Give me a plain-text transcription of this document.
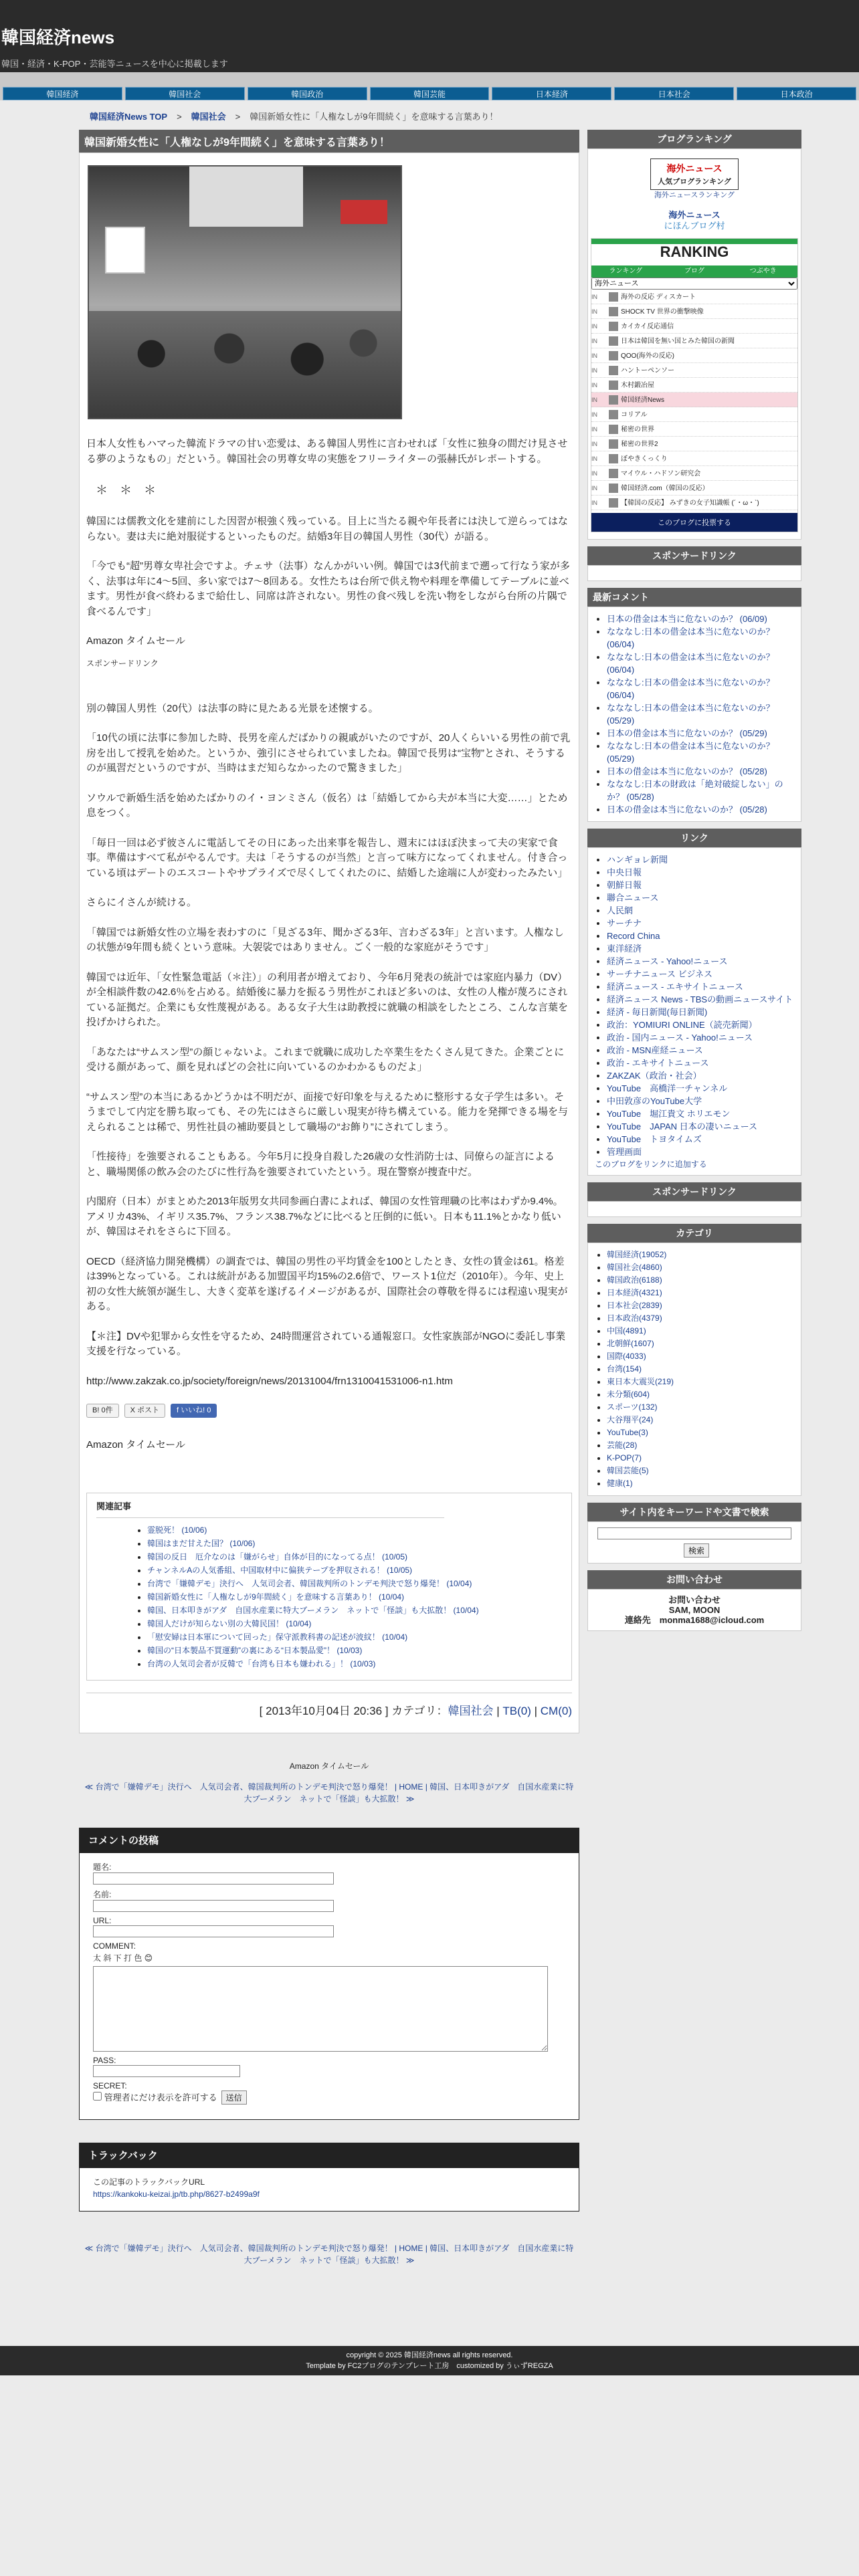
韓国経済news

韓国・経済・K-POP・芸能等ニュースを中心に掲載します

韓国経済	韓国社会	韓国政治	韓国芸能	日本経済	日本社会	日本政治
韓国経済News TOP > 韓国社会 > 韓国新婚女性に「人権なしが9年間続く」を意味する言葉あり！
韓国新婚女性に「人権なしが9年間続く」を意味する言葉あり！

日本人女性もハマった韓流ドラマの甘い恋愛は、ある韓国人男性に言わせれば「女性に独身の間だけ見させる夢のようなもの」だという。韓国社会の男尊女卑の実態をフリーライターの張赫氏がレポートする。

＊＊＊

韓国には儒教文化を建前にした因習が根強く残っている。目上に当たる親や年長者には決して逆らってはならない。妻は夫に絶対服従するといったものだ。結婚3年目の韓国人男性（30代）が語る。

「今でも“超”男尊女卑社会ですよ。チェサ（法事）なんかがいい例。韓国では3代前まで遡って行なう家が多く、法事は年に4～5回、多い家では7～8回ある。女性たちは台所で供え物や料理を準備してテーブルに並べます。男性が食べ終わるまで給仕し、同席は許されない。男性の食べ残しを洗い物をしながら台所の片隅で食べるんです」

Amazon タイムセール

スポンサードリンク

別の韓国人男性（20代）は法事の時に見たある光景を述懐する。

「10代の頃に法事に参加した時、長男を産んだばかりの親戚がいたのですが、20人くらいいる男性の前で乳房を出して授乳を始めた。というか、強引にさせられていましたね。韓国で長男は“宝物”とされ、そうするのが風習だというのですが、当時はまだ知らなかったので驚きました」

ソウルで新婚生活を始めたばかりのイ・ヨンミさん（仮名）は「結婚してから夫が本当に大変……」とため息をつく。

「毎日一回は必ず彼さんに電話してその日にあった出来事を報告し、週末にはほぼ決まって夫の実家で食事。準備はすべて私がやるんです。夫は「そうするのが当然」と言って味方になってくれません。付き合っている頃はデートのエスコートやサプライズで尽くしてくれたのに、結婚した途端に人が変わったみたい」

さらにイさんが続ける。

「韓国では新婚女性の立場を表わすのに「見ざる3年、聞かざる3年、言わざる3年」と言います。人権なしの状態が9年間も続くという意味。大袈裟ではありません。ごく一般的な家庭がそうです」

韓国では近年、「女性緊急電話（＊注）」の利用者が増えており、今年6月発表の統計では家庭内暴力（DV）が全相談件数の42.6％を占める。結婚後に暴力を振るう男性がこれほど多いのは、女性の人権が蔑ろにされている証拠だ。企業にも女性蔑視がある。ある女子大生は助教授に就職の相談をしたところ、こんな言葉を投げかけられた。

「あなたは“サムスン型”の顔じゃないよ。これまで就職に成功した卒業生をたくさん見てきた。企業ごとに受ける顔があって、顔を見ればどの会社に向いているのかわかるものだよ」

“サムスン型”の本当にあるかどうかは不明だが、面接で好印象を与えるために整形する女子学生は多い。そうまでして内定を勝ち取っても、その先にはさらに厳しい現実が待ち構えている。能力を発揮できる場を与えられることは稀で、男性社員の補助要員として職場の“お飾り”にされてしまう。

「性接待」を強要されることもある。今年5月に投身自殺した26歳の女性消防士は、同僚らの証言によると、職場関係の飲み会のたびに性行為を強要されていたという。現在警察が捜査中だ。

内閣府（日本）がまとめた2013年版男女共同参画白書によれば、韓国の女性管理職の比率はわずか9.4%。アメリカ43%、イギリス35.7%、フランス38.7%などに比べると圧倒的に低い。日本も11.1%とかなり低いが、韓国はそれをさらに下回る。

OECD（経済協力開発機構）の調査では、韓国の男性の平均賃金を100としたとき、女性の賃金は61。格差は39%となっている。これは統計がある加盟国平均15%の2.6倍で、ワースト1位だ（2010年）。今年、史上初の女性大統領が誕生し、大きく変革を遂げるイメージがあるが、国際社会の尊敬を得るには程遠い現実がある。

【＊注】DVや犯罪から女性を守るため、24時間運営されている通報窓口。女性家族部がNGOに委託し事業支援を行なっている。

http://www.zakzak.co.jp/society/foreign/news/20131004/frn1310041531006-n1.htm

B! 0件	X ポスト	f いいね! 0

Amazon タイムセール

関連記事
• 霊脱死！ (10/06)
• 韓国はまだ甘えた国？ (10/06)
• 韓国の反日　厄介なのは「嫌がらせ」自体が目的になってる点！ (10/05)
• チャンネルAの人気番組、中国取材中に偏狭テープを押収される！ (10/05)
• 台湾で「嫌韓デモ」決行へ　人気司会者、韓国裁判所のトンデモ判決で怒り爆発！ (10/04)
• 韓国新婚女性に「人権なしが9年間続く」を意味する言葉あり！ (10/04)
• 韓国、日本叩きがアダ　自国水産業に特大ブーメラン　ネットで「怪談」も大拡散！ (10/04)
• 韓国人だけが知らない別の大韓民国！ (10/04)
• 「慰安婦は日本軍について回った」保守派教科書の記述が波紋！ (10/04)
• 韓国の“日本製品不買運動”の裏にある“日本製品愛”！ (10/03)
• 台湾の人気司会者が反韓で「台湾も日本も嫌われる」！ (10/03)
[ 2013年10月04日 20:36 ] カテゴリ：韓国社会 | TB(0) | CM(0)
Amazon タイムセール
≪ 台湾で「嫌韓デモ」決行へ　人気司会者、韓国裁判所のトンデモ判決で怒り爆発！ | HOME | 韓国、日本叩きがアダ　自国水産業に特大ブーメラン　ネットで「怪談」も大拡散！ ≫
コメントの投稿
題名:
名前:
URL:
COMMENT:
太 斜 下 打 色 😊
PASS:
SECRET:
管理者にだけ表示を許可する 送信
トラックバック
この記事のトラックバックURL
https://kankoku-keizai.jp/tb.php/8627-b2499a9f
≪ 台湾で「嫌韓デモ」決行へ　人気司会者、韓国裁判所のトンデモ判決で怒り爆発！ | HOME | 韓国、日本叩きがアダ　自国水産業に特大ブーメラン　ネットで「怪談」も大拡散！ ≫
ブログランキング
海外ニュース
人気ブログランキング
海外ニュースランキング
海外ニュース
にほんブログ村
RANKING
ランキング	ブログ	つぶやき
海外ニュース
IN	海外の反応 ディスカート
IN	SHOCK TV 世界の衝撃映像
IN	カイカイ反応通信
IN	日本は韓国を無い国とみた韓国の新聞
IN	QOO(海外の反応)
IN	ハントーペンソー
IN	木村鍛冶屋
IN	韓国経済News
IN	コリアル
IN	秘密の世界
IN	秘密の世界2
IN	ぼやきくっくり
IN	マイウル・ハドソン研究会
IN	韓国経済.com（韓国の反応）
IN	【韓国の反応】 みずきの女子知識帳 (´・ω・`)
このブログに投票する
スポンサードリンク
最新コメント
• 日本の借金は本当に危ないのか？ (06/09)
• なななし:日本の借金は本当に危ないのか？ (06/04)
• なななし:日本の借金は本当に危ないのか？ (06/04)
• なななし:日本の借金は本当に危ないのか？ (06/04)
• なななし:日本の借金は本当に危ないのか？ (05/29)
• 日本の借金は本当に危ないのか？ (05/29)
• なななし:日本の借金は本当に危ないのか？ (05/29)
• 日本の借金は本当に危ないのか？ (05/28)
• なななし:日本の財政は「絶対破綻しない」のか？ (05/28)
• 日本の借金は本当に危ないのか？ (05/28)
リンク
• ハンギョレ新聞
• 中央日報
• 朝鮮日報
• 聯合ニュース
• 人民網
• サーチナ
• Record China
• 東洋経済
• 経済ニュース - Yahoo!ニュース
• サーチナニュース ビジネス
• 経済ニュース - エキサイトニュース
• 経済ニュース News - TBSの動画ニュースサイト
• 経済 - 毎日新聞(毎日新聞)
• 政治：YOMIURI ONLINE（読売新聞）
• 政治 - 国内ニュース - Yahoo!ニュース
• 政治 - MSN産経ニュース
• 政治 - エキサイトニュース
• ZAKZAK（政治・社会）
• YouTube　高橋洋一チャンネル
• 中田敦彦のYouTube大学
• YouTube　堀江貴文 ホリエモン
• YouTube　JAPAN 日本の凄いニュース
• YouTube　トヨタイムズ
• 管理画面
このブログをリンクに追加する
スポンサードリンク
カテゴリ
• 韓国経済(19052)
• 韓国社会(4860)
• 韓国政治(6188)
• 日本経済(4321)
• 日本社会(2839)
• 日本政治(4379)
• 中国(4891)
• 北朝鮮(1607)
• 国際(4033)
• 台湾(154)
• 東日本大震災(219)
• 未分類(604)
• スポーツ(132)
• 大谷翔平(24)
• YouTube(3)
• 芸能(28)
• K-POP(7)
• 韓国芸能(5)
• 健康(1)
サイト内をキーワードや文書で検索

検索
お問い合わせ
お問い合わせ
SAM, MOON
連絡先　 monma1688@icloud.com
copyright © 2025 韓国経済news all rights reserved.
Template by FC2ブログのテンプレート工房　customized by うぃずREGZA
